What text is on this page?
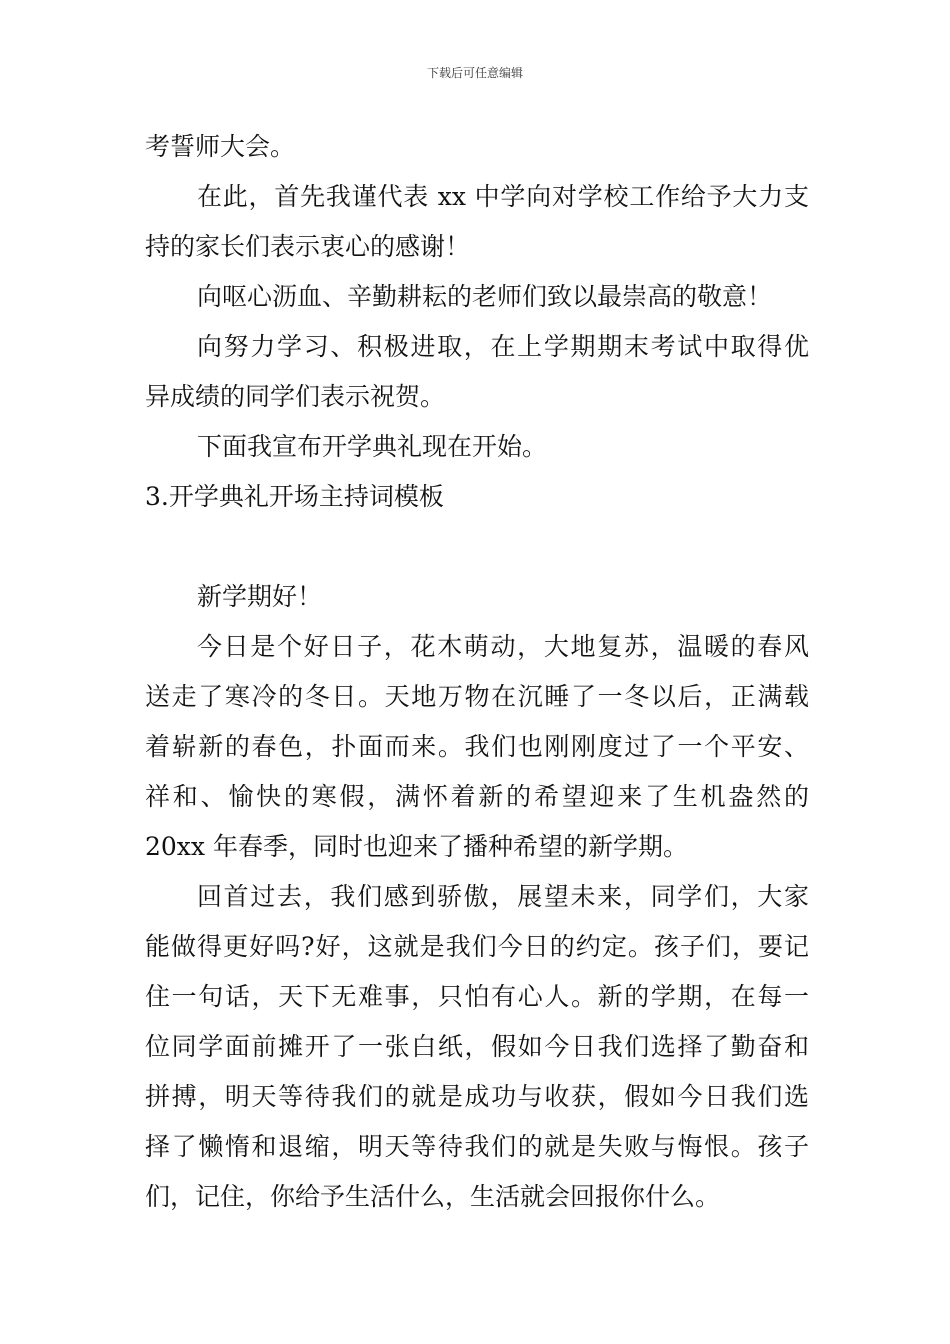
下载后可任意编辑
考誓师大会。
在此，首先我谨代表 xx 中学向对学校工作给予大力支
持的家长们表示衷心的感谢！
向呕心沥血、辛勤耕耘的老师们致以最崇高的敬意！
向努力学习、积极进取，在上学期期末考试中取得优
异成绩的同学们表示祝贺。
下面我宣布开学典礼现在开始。
3.开学典礼开场主持词模板
新学期好！
今日是个好日子，花木萌动，大地复苏，温暖的春风
送走了寒冷的冬日。天地万物在沉睡了一冬以后，正满载
着崭新的春色，扑面而来。我们也刚刚度过了一个平安、
祥和、愉快的寒假，满怀着新的希望迎来了生机盎然的
20xx 年春季，同时也迎来了播种希望的新学期。
回首过去，我们感到骄傲，展望未来，同学们，大家
能做得更好吗?好，这就是我们今日的约定。孩子们，要记
住一句话，天下无难事，只怕有心人。新的学期，在每一
位同学面前摊开了一张白纸，假如今日我们选择了勤奋和
拼搏，明天等待我们的就是成功与收获，假如今日我们选
择了懒惰和退缩，明天等待我们的就是失败与悔恨。孩子
们，记住，你给予生活什么，生活就会回报你什么。
